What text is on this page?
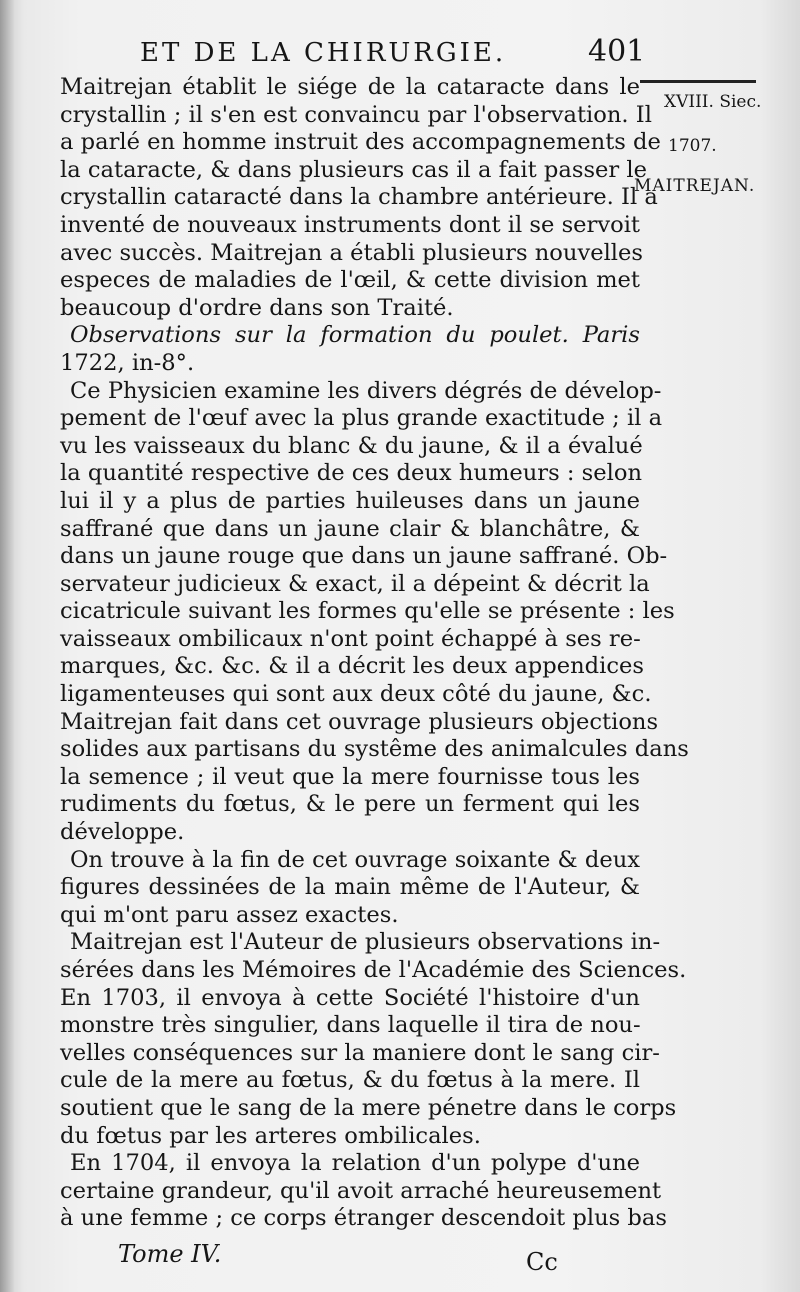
ET DE LA CHIRURGIE.	401
XVIII. Siec.
1707.
MAITREJAN.
Maitrejan établit le siége de la cataracte dans le
crystallin ; il s'en est convaincu par l'observation. Il
a parlé en homme instruit des accompagnements de
la cataracte, & dans plusieurs cas il a fait passer le
crystallin cataracté dans la chambre antérieure. Il a
inventé de nouveaux instruments dont il se servoit
avec succès. Maitrejan a établi plusieurs nouvelles
especes de maladies de l'œil, & cette division met
beaucoup d'ordre dans son Traité.
Observations sur la formation du poulet. Paris
1722, in-8°.
Ce Physicien examine les divers dégrés de dévelop-
pement de l'œuf avec la plus grande exactitude ; il a
vu les vaisseaux du blanc & du jaune, & il a évalué
la quantité respective de ces deux humeurs : selon
lui il y a plus de parties huileuses dans un jaune
saffrané que dans un jaune clair & blanchâtre, &
dans un jaune rouge que dans un jaune saffrané. Ob-
servateur judicieux & exact, il a dépeint & décrit la
cicatricule suivant les formes qu'elle se présente : les
vaisseaux ombilicaux n'ont point échappé à ses re-
marques, &c. &c. & il a décrit les deux appendices
ligamenteuses qui sont aux deux côté du jaune, &c.
Maitrejan fait dans cet ouvrage plusieurs objections
solides aux partisans du systême des animalcules dans
la semence ; il veut que la mere fournisse tous les
rudiments du fœtus, & le pere un ferment qui les
développe.
On trouve à la fin de cet ouvrage soixante & deux
figures dessinées de la main même de l'Auteur, &
qui m'ont paru assez exactes.
Maitrejan est l'Auteur de plusieurs observations in-
sérées dans les Mémoires de l'Académie des Sciences.
En 1703, il envoya à cette Société l'histoire d'un
monstre très singulier, dans laquelle il tira de nou-
velles conséquences sur la maniere dont le sang cir-
cule de la mere au fœtus, & du fœtus à la mere. Il
soutient que le sang de la mere pénetre dans le corps
du fœtus par les arteres ombilicales.
En 1704, il envoya la relation d'un polype d'une
certaine grandeur, qu'il avoit arraché heureusement
à une femme ; ce corps étranger descendoit plus bas
Tome IV.	Cc
